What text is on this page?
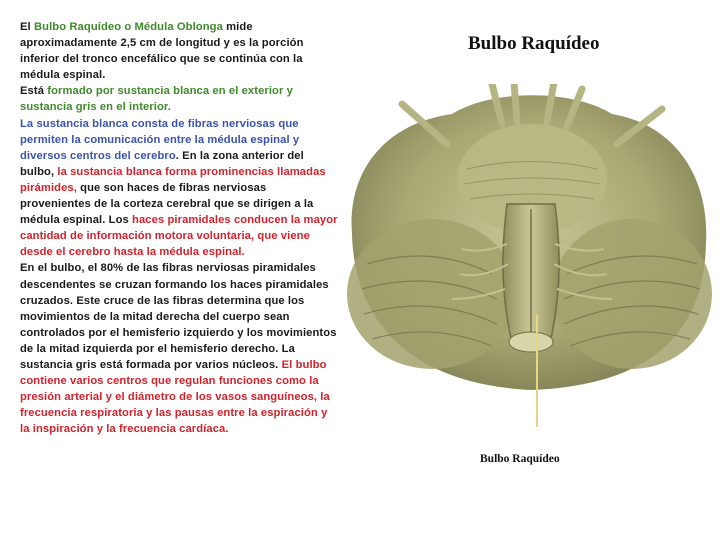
El Bulbo Raquídeo o Médula Oblonga mide aproximadamente 2,5 cm de longitud y es la porción inferior del tronco encefálico que se continúa con la médula espinal.

Está formado por sustancia blanca en el exterior y sustancia gris en el interior.

La sustancia blanca consta de fibras nerviosas que permiten la comunicación entre la médula espinal y diversos centros del cerebro. En la zona anterior del bulbo, la sustancia blanca forma prominencias llamadas pirámides, que son haces de fibras nerviosas provenientes de la corteza cerebral que se dirigen a la médula espinal. Los haces piramidales conducen la mayor cantidad de información motora voluntaria, que viene desde el cerebro hasta la médula espinal.

En el bulbo, el 80% de las fibras nerviosas piramidales descendentes se cruzan formando los haces piramidales cruzados. Este cruce de las fibras determina que los movimientos de la mitad derecha del cuerpo sean controlados por el hemisferio izquierdo y los movimientos de la mitad izquierda por el hemisferio derecho. La sustancia gris está formada por varios núcleos. El bulbo contiene varios centros que regulan funciones como la presión arterial y el diámetro de los vasos sanguíneos, la frecuencia respiratoria y las pausas entre la espiración y la inspiración y la frecuencia cardíaca.

Bulbo Raquídeo
Bulbo Raquídeo
